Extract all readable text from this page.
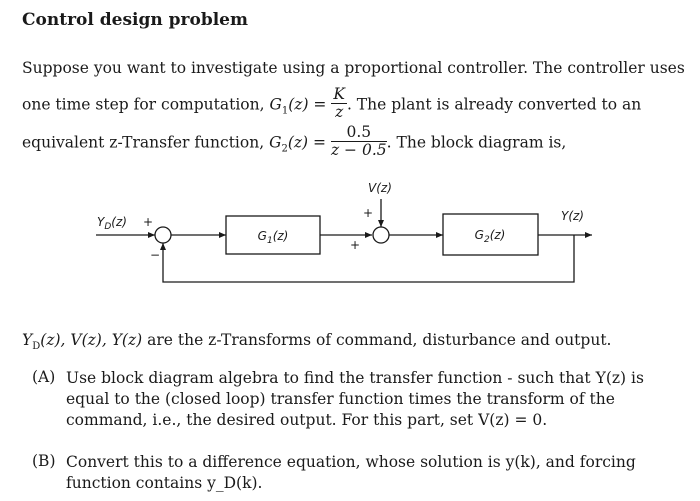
Control design problem
Suppose you want to investigate using a proportional controller. The controller uses
one time step for computation, $G_1(z) = \frac{K}{z}$ . The plant is already converted to an
equivalent z-Transfer function, $G_2(z) = \frac{0.5}{z - 0.5}$ . The block diagram is,
V(z)
+
$Y_D(z)$ +
−
$G_1(z)$
+
$G_2(z)$
Y(z)
$Y_D(z)$, V(z), Y(z) are the z-Transforms of command, disturbance and output.
(A) Use block diagram algebra to find the transfer function - such that Y(z) is equal to the (closed loop) transfer function times the transform of the command, i.e., the desired output. For this part, set V(z) = 0.
(B) Convert this to a difference equation, whose solution is y(k), and forcing function contains y_D(k).
